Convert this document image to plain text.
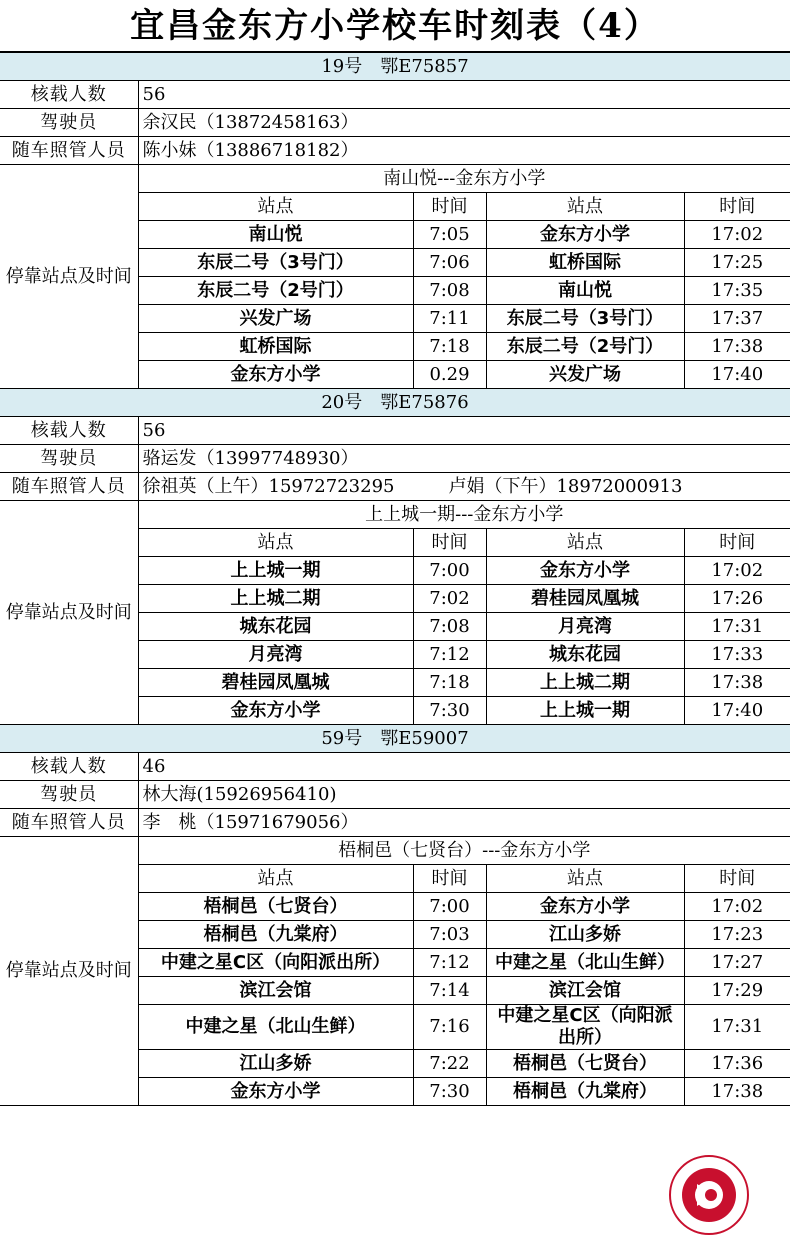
宜昌金东方小学校车时刻表（4）
19号　鄂E75857				
核载人数	56			
驾驶员	余汉民（13872458163）			
随车照管人员	陈小妹（13886718182）			
停靠站点及时间	南山悦---金东方小学			
	站点	时间	站点	时间
	南山悦	7:05	金东方小学	17:02
	东辰二号（3号门）	7:06	虹桥国际	17:25
	东辰二号（2号门）	7:08	南山悦	17:35
	兴发广场	7:11	东辰二号（3号门）	17:37
	虹桥国际	7:18	东辰二号（2号门）	17:38
	金东方小学	0.29	兴发广场	17:40
20号　鄂E75876				
核载人数	56			
驾驶员	骆运发（13997748930）			
随车照管人员	徐祖英（上午）15972723295　　　卢娟（下午）18972000913			
停靠站点及时间	上上城一期---金东方小学			
	站点	时间	站点	时间
	上上城一期	7:00	金东方小学	17:02
	上上城二期	7:02	碧桂园凤凰城	17:26
	城东花园	7:08	月亮湾	17:31
	月亮湾	7:12	城东花园	17:33
	碧桂园凤凰城	7:18	上上城二期	17:38
	金东方小学	7:30	上上城一期	17:40
59号　鄂E59007				
核载人数	46			
驾驶员	林大海(15926956410)			
随车照管人员	李　桃（15971679056）			
停靠站点及时间	梧桐邑（七贤台）---金东方小学			
	站点	时间	站点	时间
	梧桐邑（七贤台）	7:00	金东方小学	17:02
	梧桐邑（九棠府）	7:03	江山多娇	17:23
	中建之星C区（向阳派出所）	7:12	中建之星（北山生鲜）	17:27
	滨江会馆	7:14	滨江会馆	17:29
	中建之星（北山生鲜）	7:16	中建之星C区（向阳派出所）	17:31
	江山多娇	7:22	梧桐邑（七贤台）	17:36
	金东方小学	7:30	梧桐邑（九棠府）	17:38
